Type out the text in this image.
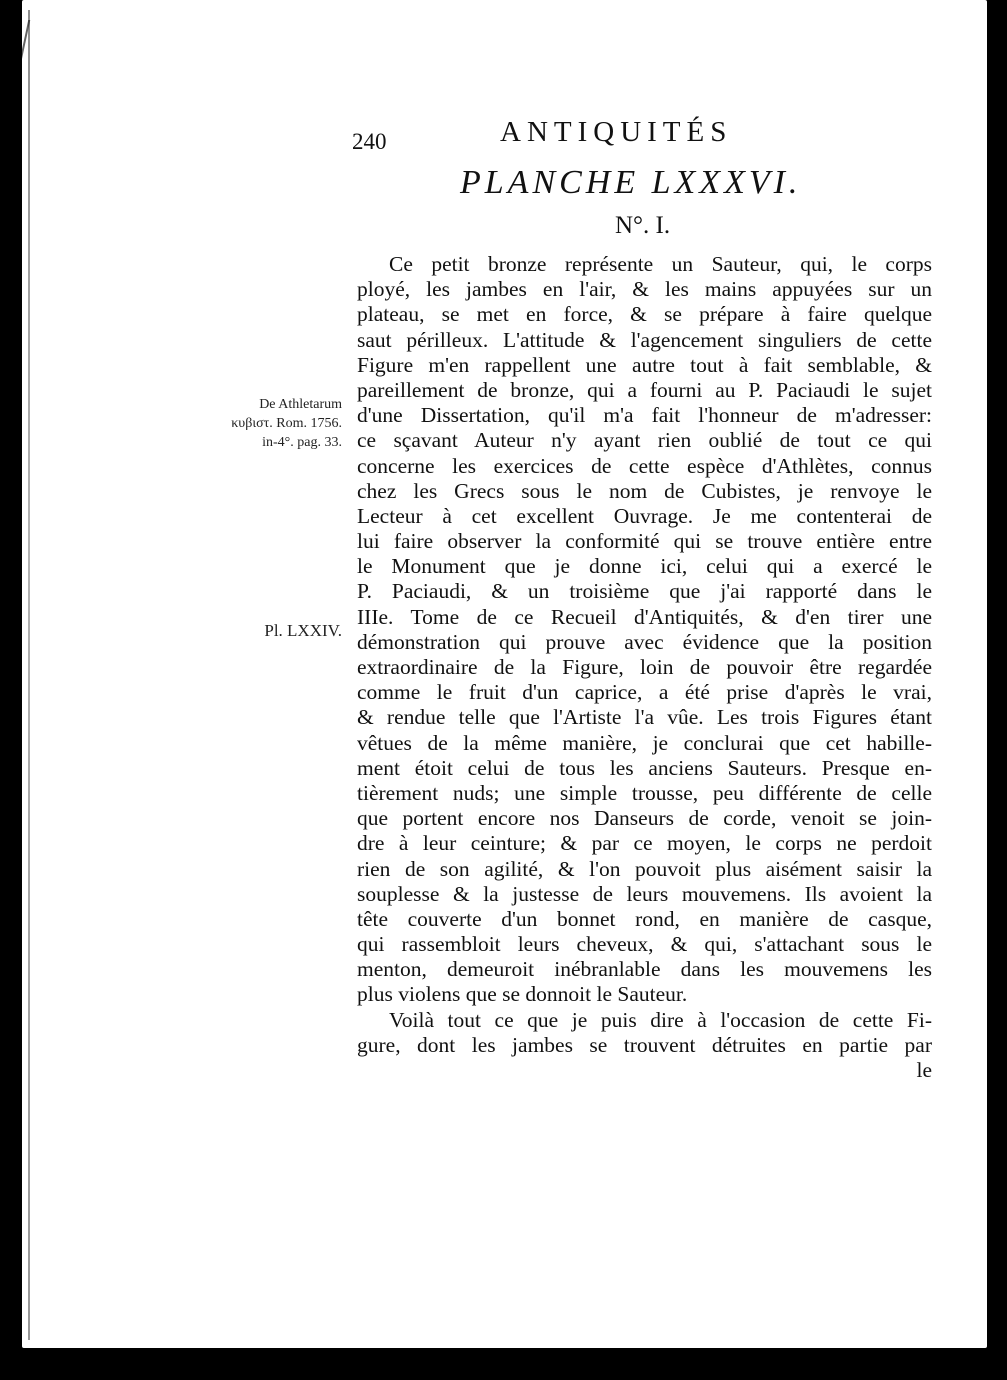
240	ANTIQUITÉS
PLANCHE LXXXVI.
N°. I.
De Athletarum
κυβιστ. Rom. 1756.
in-4°. pag. 33.
Pl. LXXIV.
Ce petit bronze représente un Sauteur, qui, le corps
ployé, les jambes en l'air, & les mains appuyées sur un
plateau, se met en force, & se prépare à faire quelque
saut périlleux. L'attitude & l'agencement singuliers de cette
Figure m'en rappellent une autre tout à fait semblable, &
pareillement de bronze, qui a fourni au P. Paciaudi le sujet
d'une Dissertation, qu'il m'a fait l'honneur de m'adresser:
ce sçavant Auteur n'y ayant rien oublié de tout ce qui
concerne les exercices de cette espèce d'Athlètes, connus
chez les Grecs sous le nom de Cubistes, je renvoye le
Lecteur à cet excellent Ouvrage. Je me contenterai de
lui faire observer la conformité qui se trouve entière entre
le Monument que je donne ici, celui qui a exercé le
P. Paciaudi, & un troisième que j'ai rapporté dans le
IIIe. Tome de ce Recueil d'Antiquités, & d'en tirer une
démonstration qui prouve avec évidence que la position
extraordinaire de la Figure, loin de pouvoir être regardée
comme le fruit d'un caprice, a été prise d'après le vrai,
& rendue telle que l'Artiste l'a vûe. Les trois Figures étant
vêtues de la même manière, je conclurai que cet habille-
ment étoit celui de tous les anciens Sauteurs. Presque en-
tièrement nuds; une simple trousse, peu différente de celle
que portent encore nos Danseurs de corde, venoit se join-
dre à leur ceinture; & par ce moyen, le corps ne perdoit
rien de son agilité, & l'on pouvoit plus aisément saisir la
souplesse & la justesse de leurs mouvemens. Ils avoient la
tête couverte d'un bonnet rond, en manière de casque,
qui rassembloit leurs cheveux, & qui, s'attachant sous le
menton, demeuroit inébranlable dans les mouvemens les
plus violens que se donnoit le Sauteur.
Voilà tout ce que je puis dire à l'occasion de cette Fi-
gure, dont les jambes se trouvent détruites en partie par
le
